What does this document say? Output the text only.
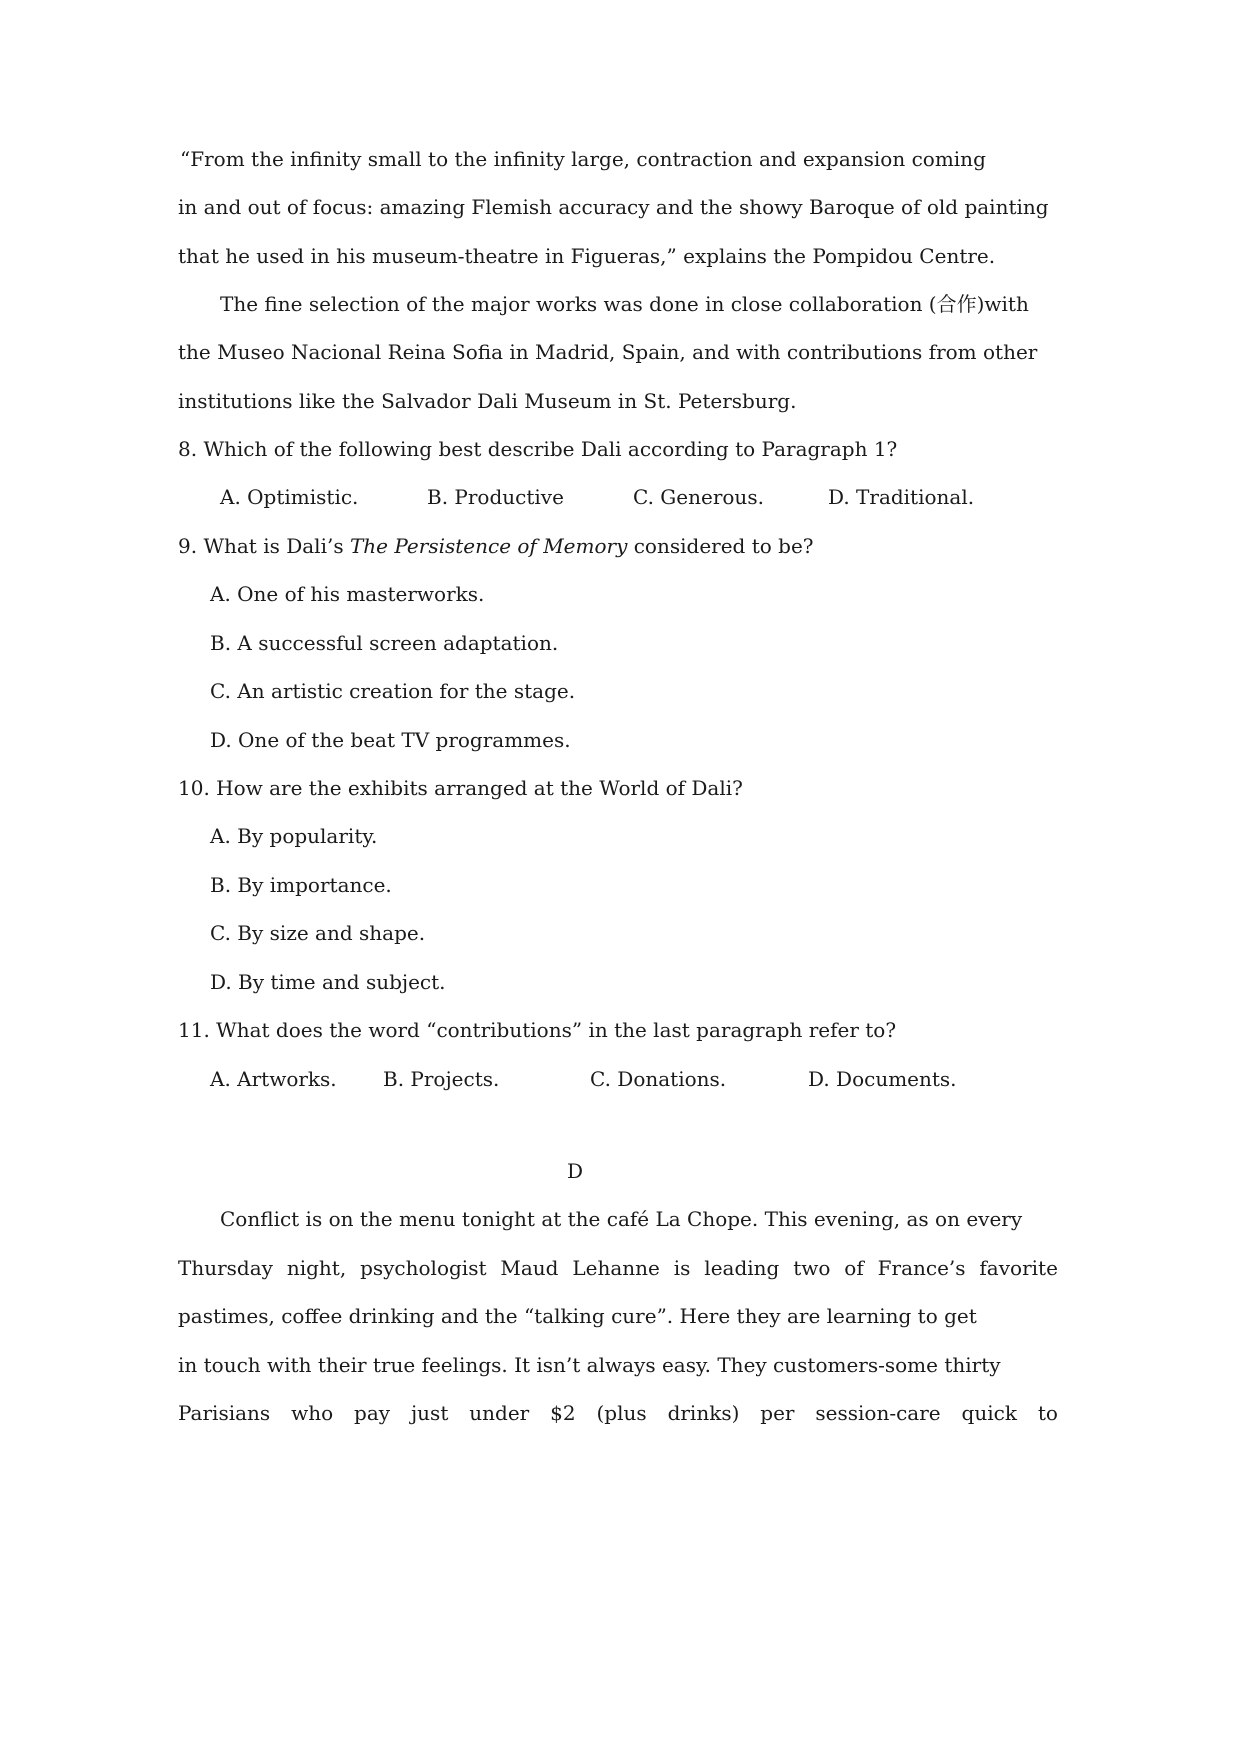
“From the infinity small to the infinity large, contraction and expansion coming
in and out of focus: amazing Flemish accuracy and the showy Baroque of old painting
that he used in his museum-theatre in Figueras,” explains the Pompidou Centre.
The fine selection of the major works was done in close collaboration (合作)with
the Museo Nacional Reina Sofia in Madrid, Spain, and with contributions from other
institutions like the Salvador Dali Museum in St. Petersburg.
8. Which of the following best describe Dali according to Paragraph 1?
A. Optimistic.	B. Productive	C. Generous.	D. Traditional.
9. What is Dali’s The Persistence of Memory considered to be?
A. One of his masterworks.
B. A successful screen adaptation.
C. An artistic creation for the stage.
D. One of the beat TV programmes.
10. How are the exhibits arranged at the World of Dali?
A. By popularity.
B. By importance.
C. By size and shape.
D. By time and subject.
11. What does the word “contributions” in the last paragraph refer to?
A. Artworks. B. Projects.	C. Donations.	D. Documents.
D
Conflict is on the menu tonight at the café La Chope. This evening, as on every
Thursday night, psychologist Maud Lehanne is leading two of France’s favorite
pastimes, coffee drinking and the “talking cure”. Here they are learning to get
in touch with their true feelings. It isn’t always easy. They customers-some thirty
Parisians who pay just under $2 (plus drinks) per session-care quick to
